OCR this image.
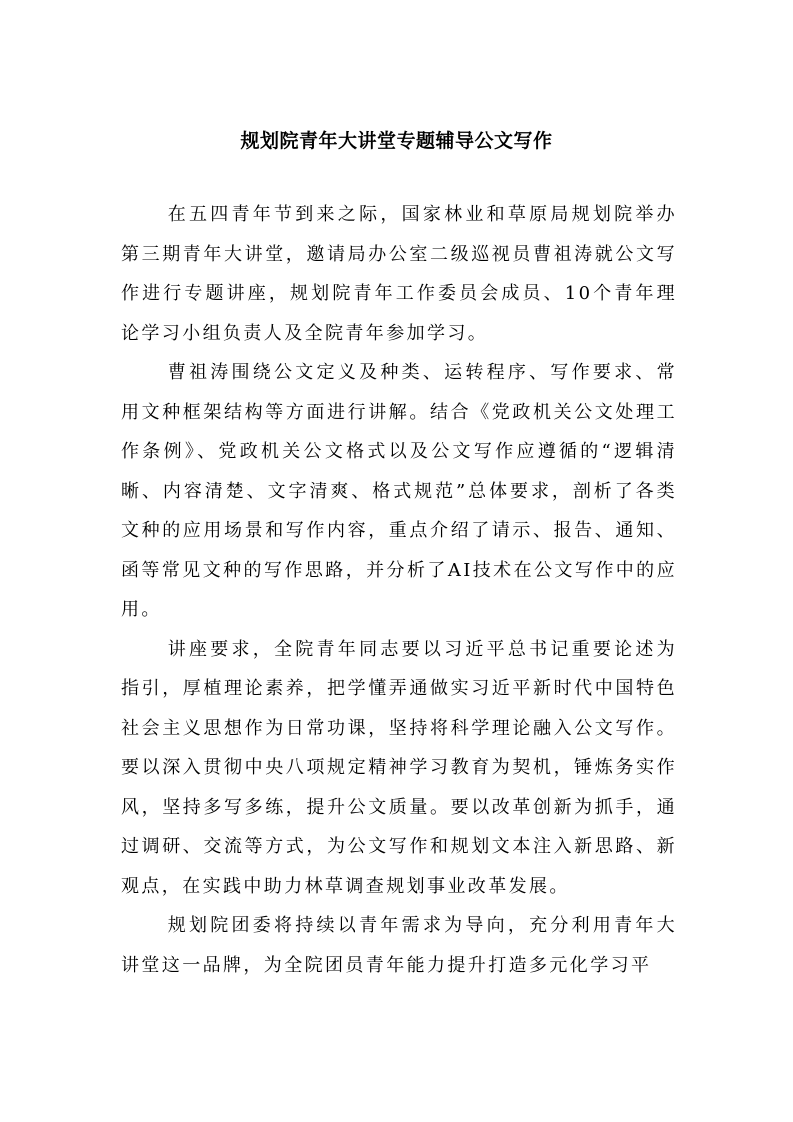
规划院青年大讲堂专题辅导公文写作

在五四青年节到来之际，国家林业和草原局规划院举办第三期青年大讲堂，邀请局办公室二级巡视员曹祖涛就公文写作进行专题讲座，规划院青年工作委员会成员、10个青年理论学习小组负责人及全院青年参加学习。

曹祖涛围绕公文定义及种类、运转程序、写作要求、常用文种框架结构等方面进行讲解。结合《党政机关公文处理工作条例》、党政机关公文格式以及公文写作应遵循的“逻辑清晰、内容清楚、文字清爽、格式规范”总体要求，剖析了各类文种的应用场景和写作内容，重点介绍了请示、报告、通知、函等常见文种的写作思路，并分析了AI技术在公文写作中的应用。

讲座要求，全院青年同志要以习近平总书记重要论述为指引，厚植理论素养，把学懂弄通做实习近平新时代中国特色社会主义思想作为日常功课，坚持将科学理论融入公文写作。要以深入贯彻中央八项规定精神学习教育为契机，锤炼务实作风，坚持多写多练，提升公文质量。要以改革创新为抓手，通过调研、交流等方式，为公文写作和规划文本注入新思路、新观点，在实践中助力林草调查规划事业改革发展。

规划院团委将持续以青年需求为导向，充分利用青年大讲堂这一品牌，为全院团员青年能力提升打造多元化学习平
